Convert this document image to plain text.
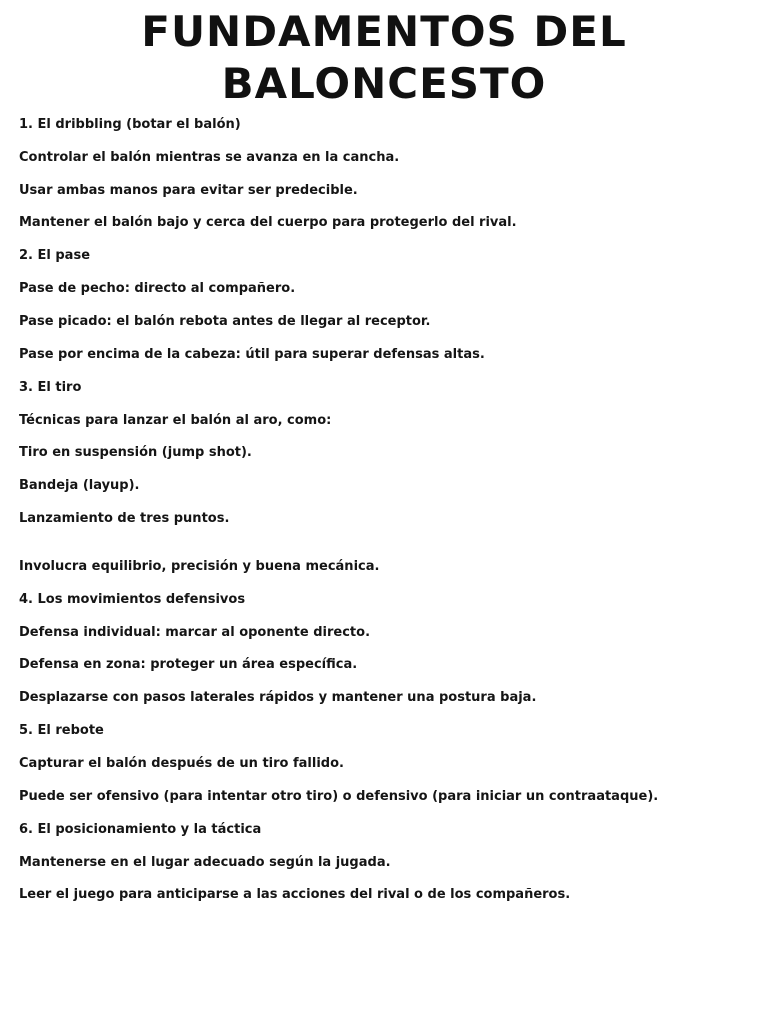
FUNDAMENTOS DEL
BALONCESTO
1. El dribbling (botar el balón)
Controlar el balón mientras se avanza en la cancha.
Usar ambas manos para evitar ser predecible.
Mantener el balón bajo y cerca del cuerpo para protegerlo del rival.
2. El pase
Pase de pecho: directo al compañero.
Pase picado: el balón rebota antes de llegar al receptor.
Pase por encima de la cabeza: útil para superar defensas altas.
3. El tiro
Técnicas para lanzar el balón al aro, como:
Tiro en suspensión (jump shot).
Bandeja (layup).
Lanzamiento de tres puntos.
Involucra equilibrio, precisión y buena mecánica.
4. Los movimientos defensivos
Defensa individual: marcar al oponente directo.
Defensa en zona: proteger un área específica.
Desplazarse con pasos laterales rápidos y mantener una postura baja.
5. El rebote
Capturar el balón después de un tiro fallido.
Puede ser ofensivo (para intentar otro tiro) o defensivo (para iniciar un contraataque).
6. El posicionamiento y la táctica
Mantenerse en el lugar adecuado según la jugada.
Leer el juego para anticiparse a las acciones del rival o de los compañeros.
